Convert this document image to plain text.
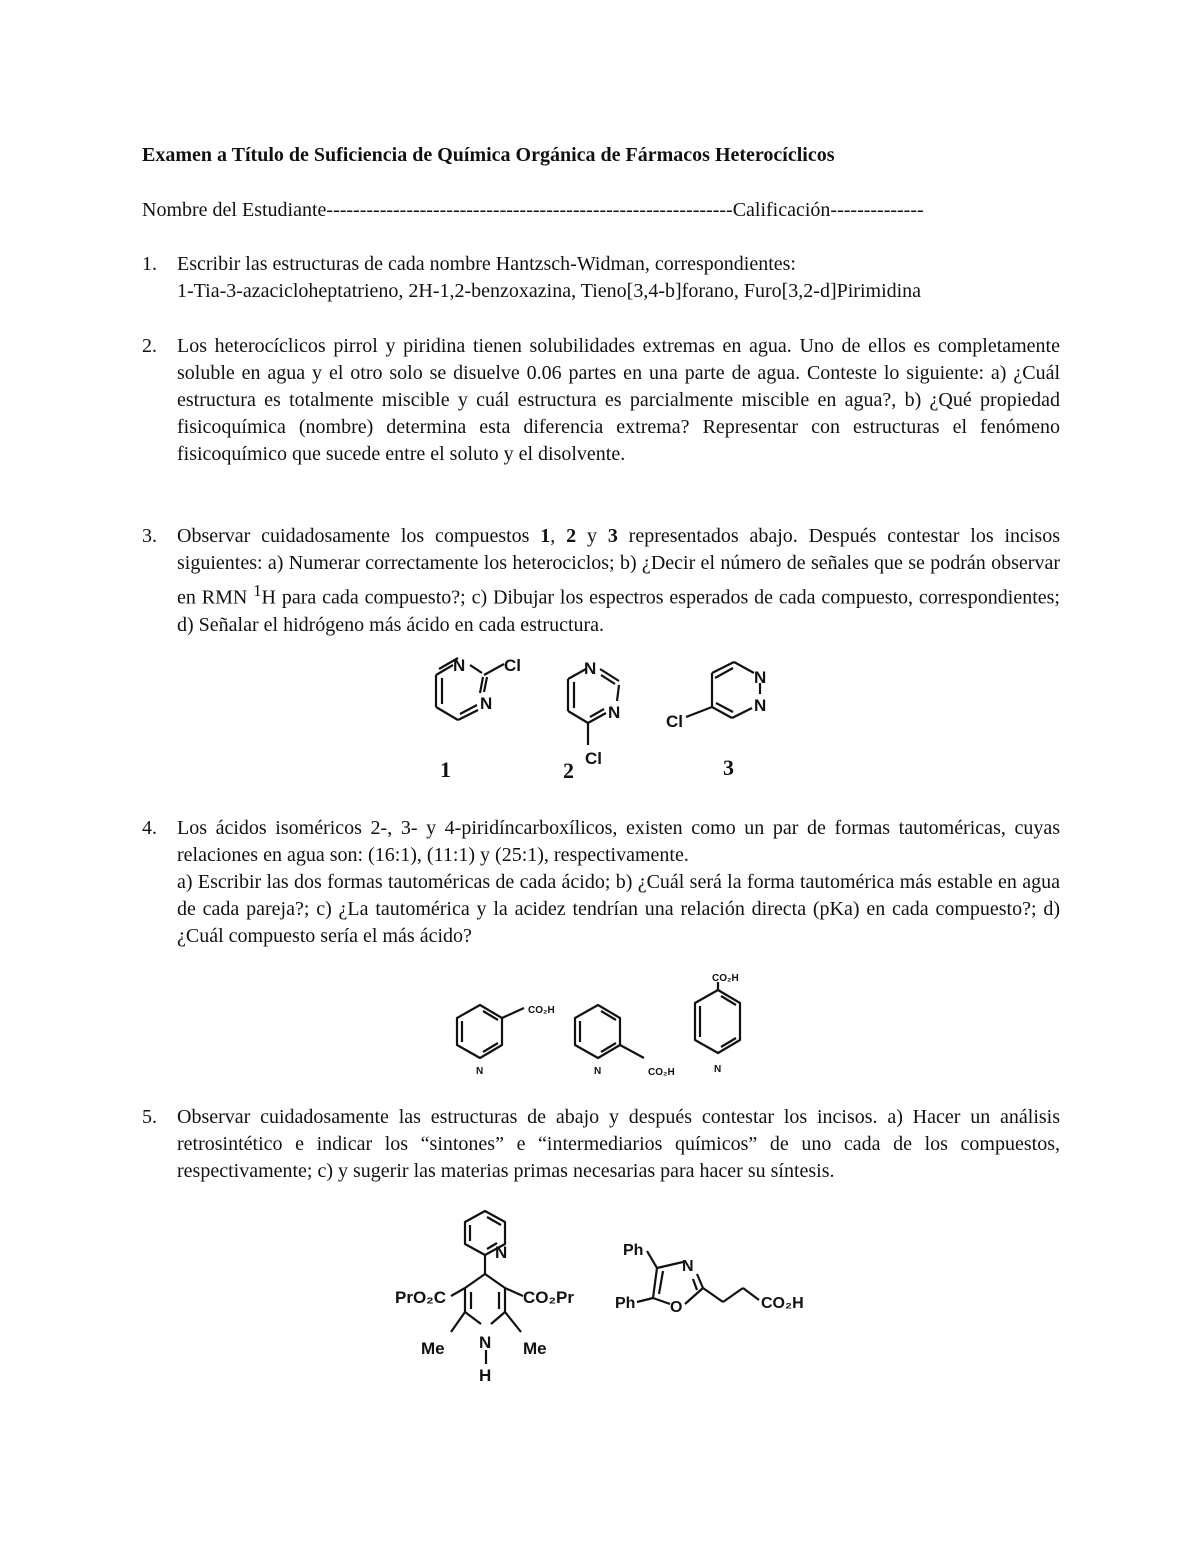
Examen a Título de Suficiencia de Química Orgánica de Fármacos Heterocíclicos
Nombre del Estudiante-------------------------------------------------------------Calificación--------------
1. Escribir las estructuras de cada nombre Hantzsch-Widman, correspondientes:
1-Tia-3-azacicloheptatrieno, 2H-1,2-benzoxazina, Tieno[3,4-b]forano, Furo[3,2-d]Pirimidina
2. Los heterocíclicos pirrol y piridina tienen solubilidades extremas en agua. Uno de ellos es completamente soluble en agua y el otro solo se disuelve 0.06 partes en una parte de agua. Conteste lo siguiente: a) ¿Cuál estructura es totalmente miscible y cuál estructura es parcialmente miscible en agua?, b) ¿Qué propiedad fisicoquímica (nombre) determina esta diferencia extrema? Representar con estructuras el fenómeno fisicoquímico que sucede entre el soluto y el disolvente.

3. Observar cuidadosamente los compuestos 1, 2 y 3 representados abajo. Después contestar los incisos siguientes: a) Numerar correctamente los heterociclos; b) ¿Decir el número de señales que se podrán observar en RMN $^1$H para cada compuesto?; c) Dibujar los espectros esperados de cada compuesto, correspondientes; d) Señalar el hidrógeno más ácido en cada estructura.

N
N
Cl
1
N
N
Cl
2
N
N
Cl
3
4. Los ácidos isoméricos 2-, 3- y 4-piridíncarboxílicos, existen como un par de formas tautoméricas, cuyas relaciones en agua son: (16:1), (11:1) y (25:1), respectivamente.

a) Escribir las dos formas tautoméricas de cada ácido; b) ¿Cuál será la forma tautomérica más estable en agua de cada pareja?; c) ¿La tautomérica y la acidez tendrían una relación directa (pKa) en cada compuesto?; d) ¿Cuál compuesto sería el más ácido?

N
CO₂H
N	CO₂H	N
CO₂H
5. Observar cuidadosamente las estructuras de abajo y después contestar los incisos. a) Hacer un análisis retrosintético e indicar los “sintones” e “intermediarios químicos” de uno cada de los compuestos, respectivamente; c) y sugerir las materias primas necesarias para hacer su síntesis.

N
PrO₂C	CO₂Pr
Me	Me
N
H
Ph
Ph
N
O	CO₂H
